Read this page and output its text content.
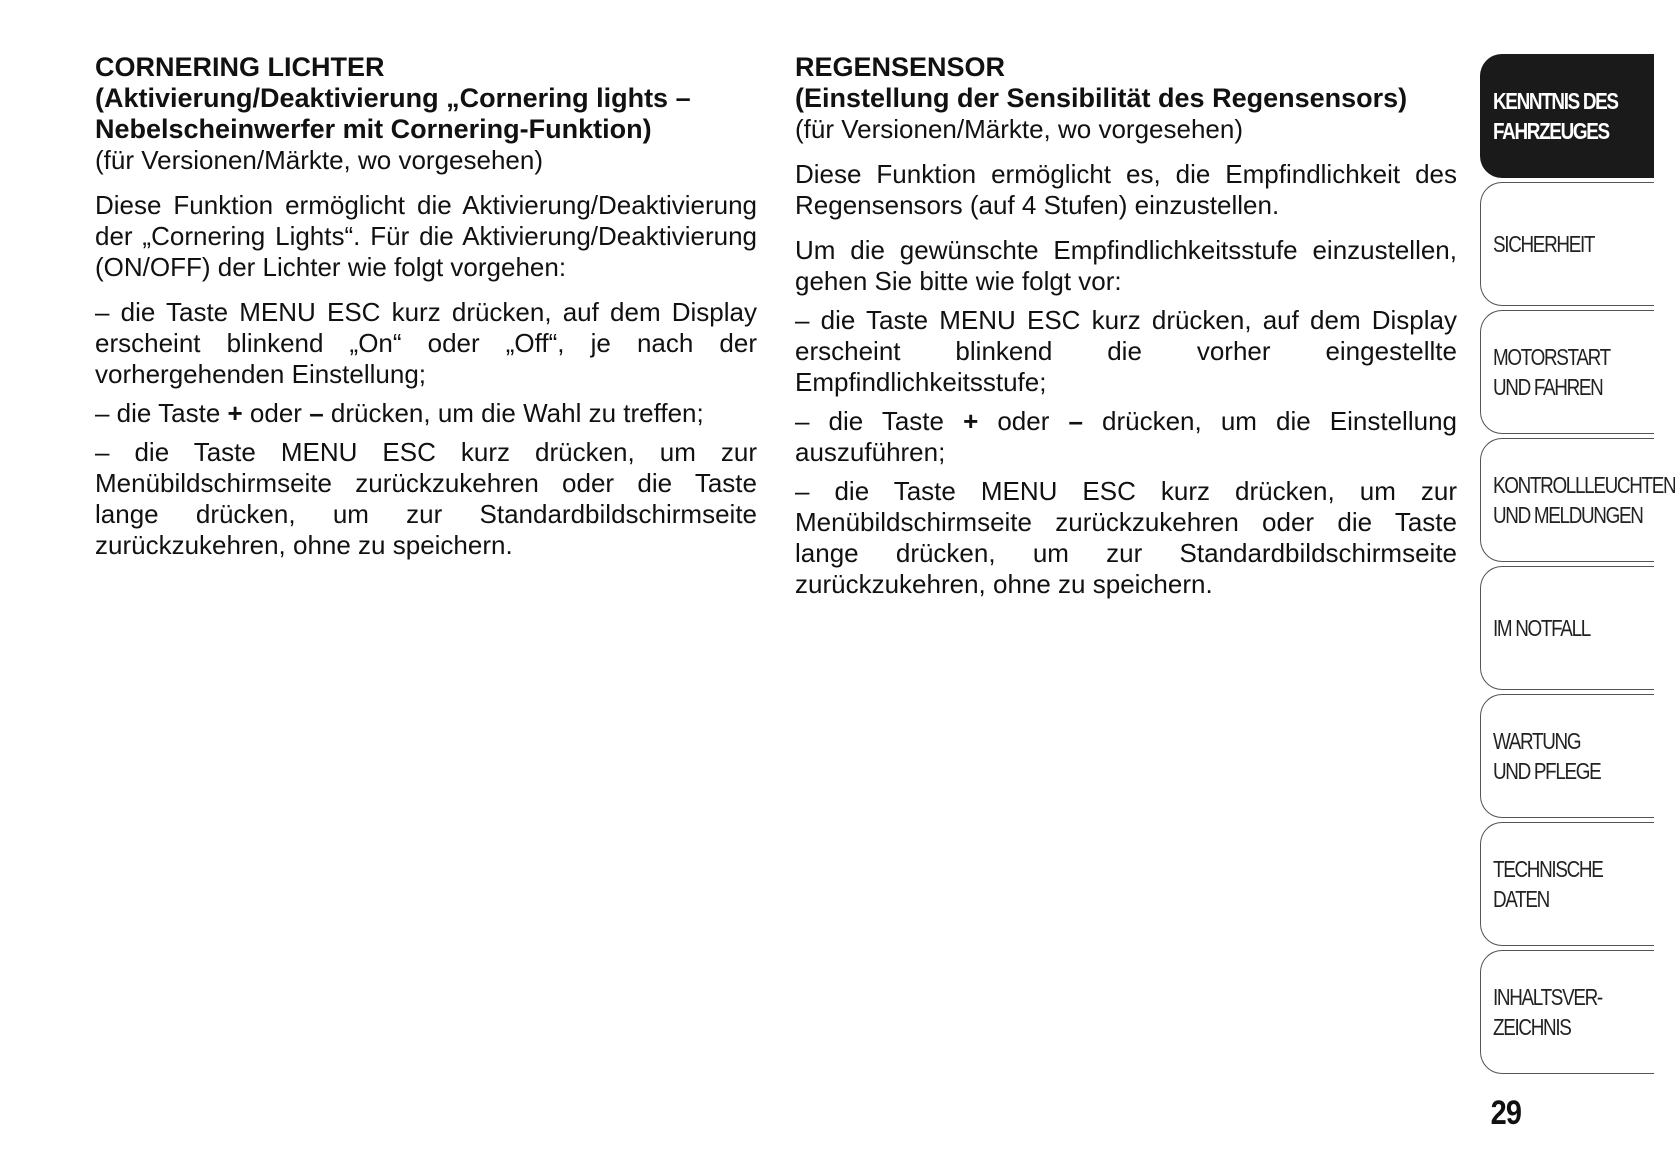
CORNERING LICHTER

(Aktivierung/Deaktivierung „Cornering lights – Nebelscheinwerfer mit Cornering-Funktion)

(für Versionen/Märkte, wo vorgesehen)

Diese Funktion ermöglicht die Aktivierung/Deaktivierung der „Cornering Lights“. Für die Aktivierung/Deaktivierung (ON/OFF) der Lichter wie folgt vorgehen:

– die Taste MENU ESC kurz drücken, auf dem Display erscheint blinkend „On“ oder „Off“, je nach der vorhergehenden Einstellung;

– die Taste + oder – drücken, um die Wahl zu treffen;

– die Taste MENU ESC kurz drücken, um zur Menübildschirmseite zurückzukehren oder die Taste lange drücken, um zur Standardbildschirmseite zurückzukehren, ohne zu speichern.

REGENSENSOR

(Einstellung der Sensibilität des Regensensors)

(für Versionen/Märkte, wo vorgesehen)

Diese Funktion ermöglicht es, die Empfindlichkeit des Regensensors (auf 4 Stufen) einzustellen.

Um die gewünschte Empfindlichkeitsstufe einzustellen, gehen Sie bitte wie folgt vor:

– die Taste MENU ESC kurz drücken, auf dem Display erscheint blinkend die vorher eingestellte Empfindlichkeitsstufe;

– die Taste + oder – drücken, um die Einstellung auszuführen;

– die Taste MENU ESC kurz drücken, um zur Menübildschirmseite zurückzukehren oder die Taste lange drücken, um zur Standardbildschirmseite zurückzukehren, ohne zu speichern.

KENNTNIS DES
FAHRZEUGES
SICHERHEIT
MOTORSTART
UND FAHREN
KONTROLLLEUCHTEN
UND MELDUNGEN
IM NOTFALL
WARTUNG
UND PFLEGE
TECHNISCHE
DATEN
INHALTSVER-
ZEICHNIS
29
